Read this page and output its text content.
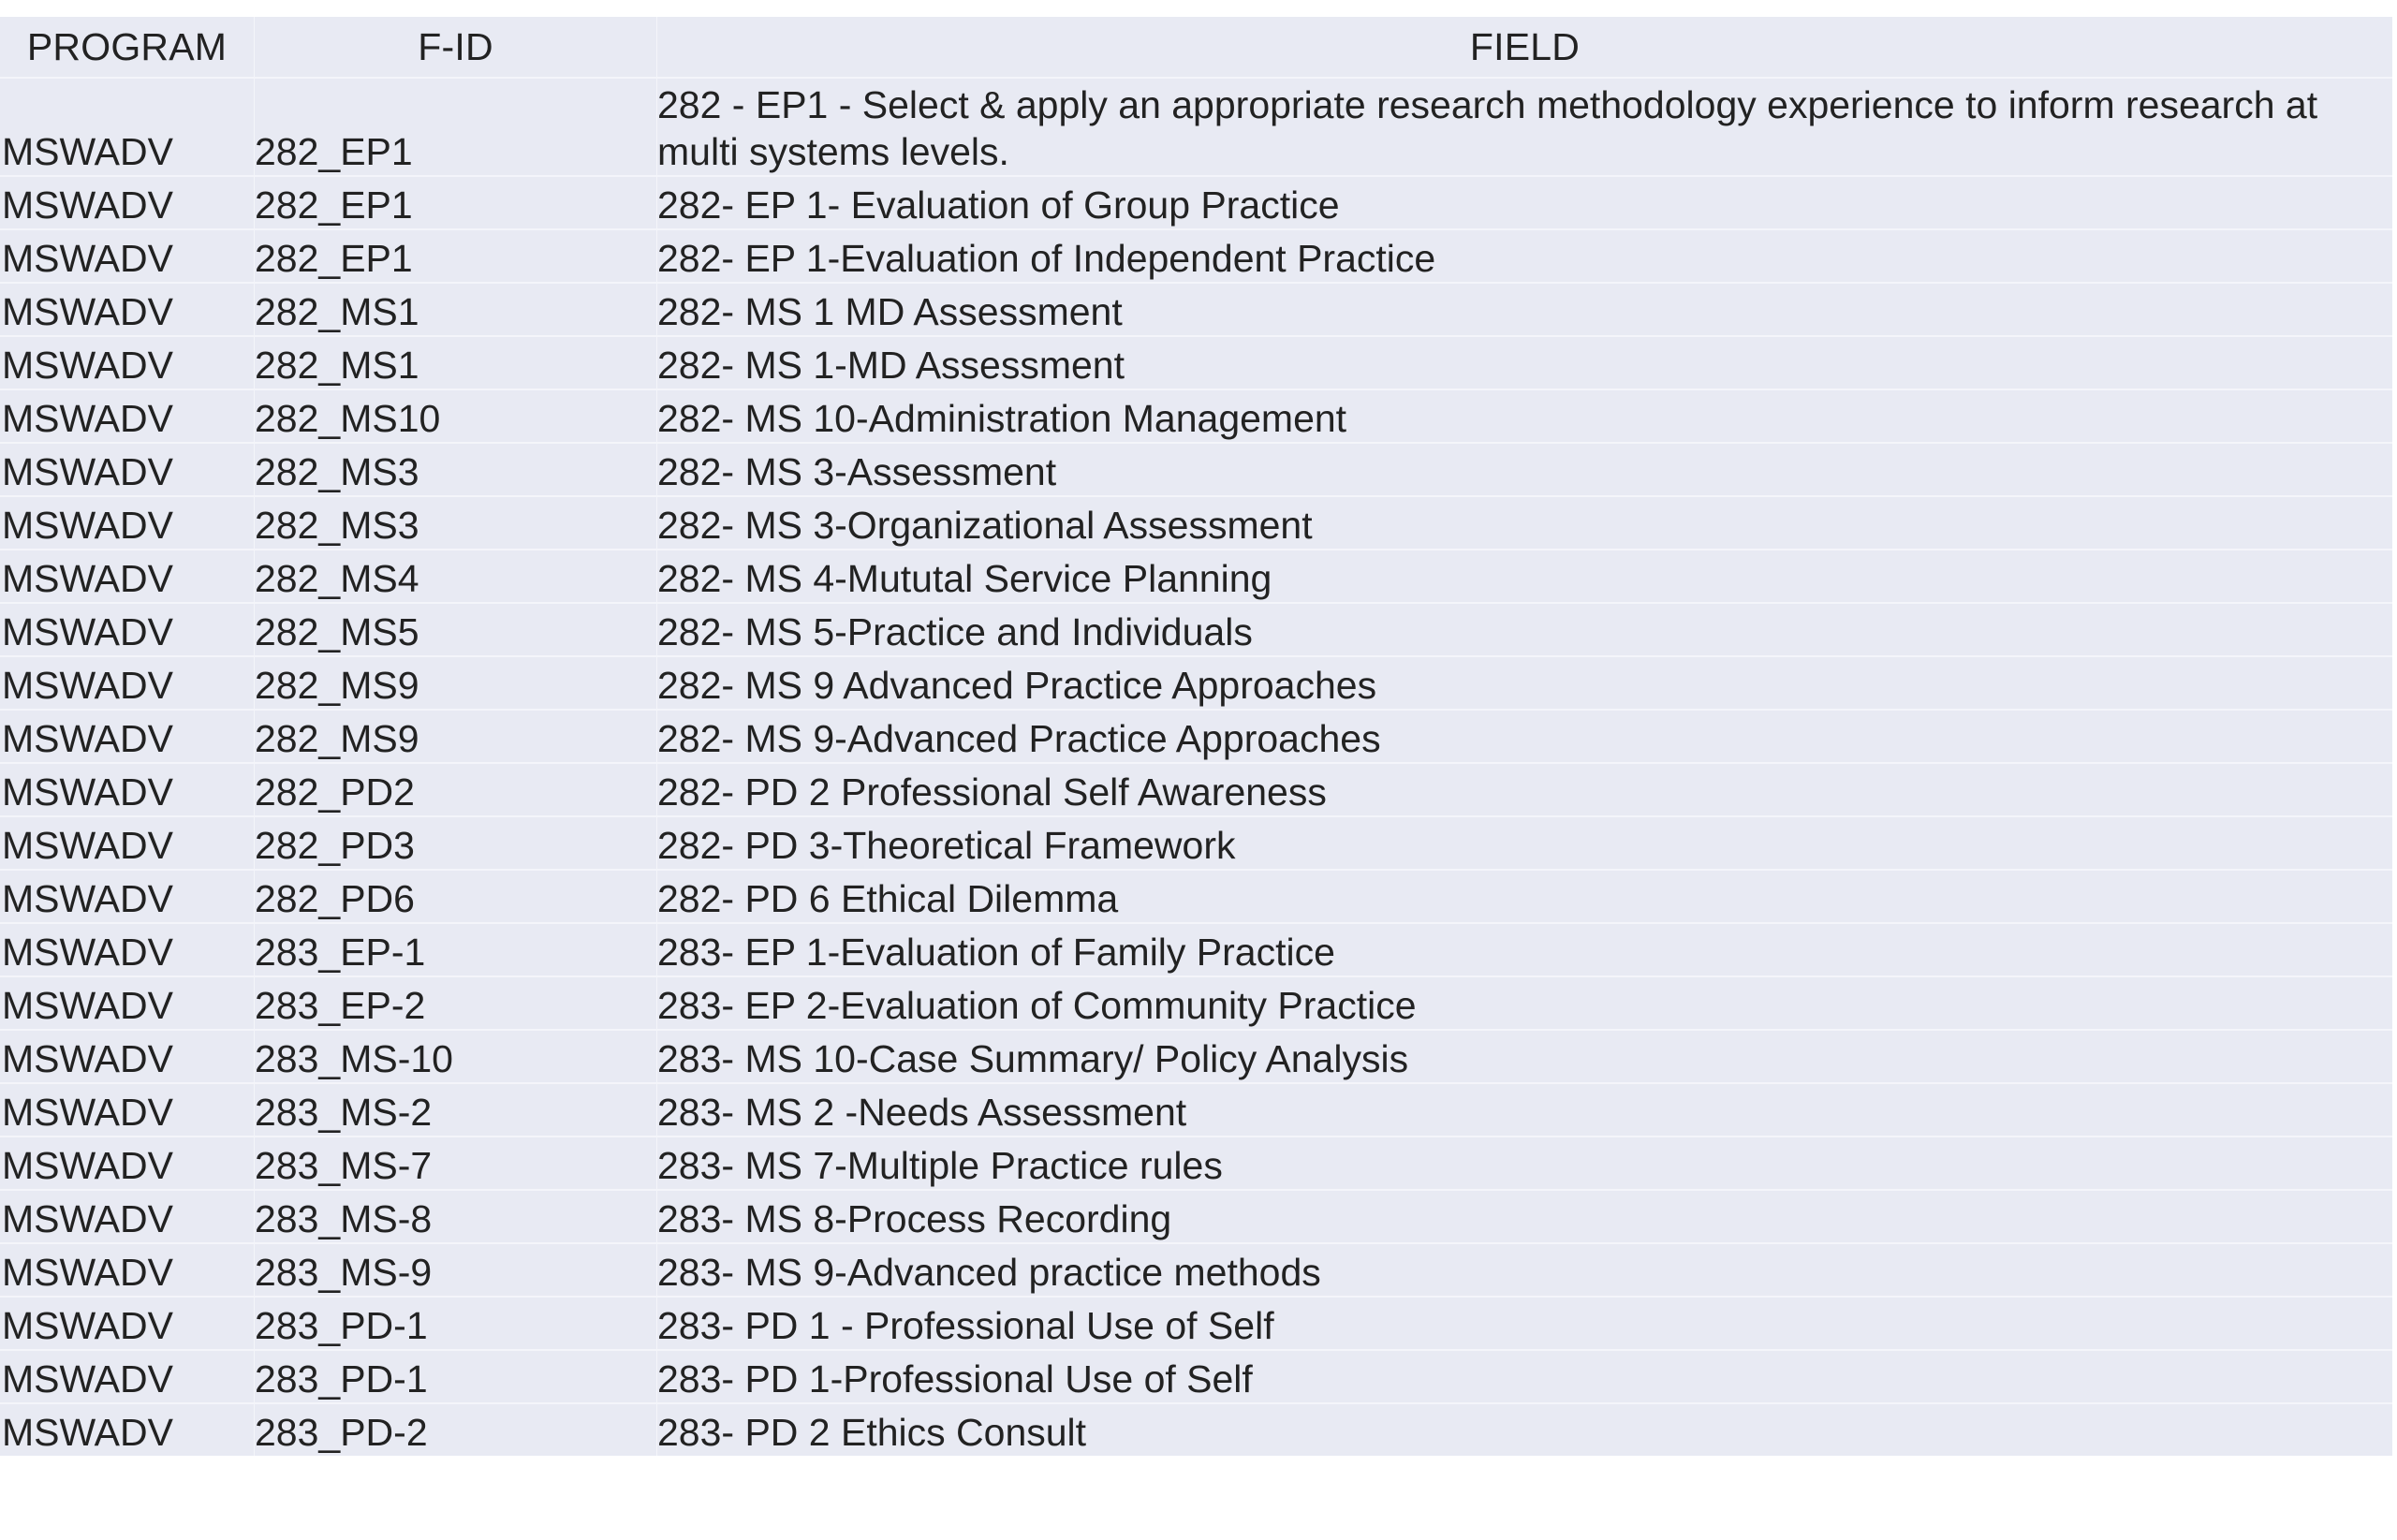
PROGRAM	F-ID	FIELD
MSWADV	282_EP1	282 - EP1 - Select & apply an appropriate research methodology experience to inform research at multi systems levels.
MSWADV	282_EP1	282- EP 1- Evaluation of Group Practice
MSWADV	282_EP1	282- EP 1-Evaluation of Independent Practice
MSWADV	282_MS1	282- MS 1 MD Assessment
MSWADV	282_MS1	282- MS 1-MD Assessment
MSWADV	282_MS10	282- MS 10-Administration Management
MSWADV	282_MS3	282- MS 3-Assessment
MSWADV	282_MS3	282- MS 3-Organizational Assessment
MSWADV	282_MS4	282- MS 4-Mututal Service Planning
MSWADV	282_MS5	282- MS 5-Practice and Individuals
MSWADV	282_MS9	282- MS 9 Advanced Practice Approaches
MSWADV	282_MS9	282- MS 9-Advanced Practice Approaches
MSWADV	282_PD2	282- PD 2 Professional Self Awareness
MSWADV	282_PD3	282- PD 3-Theoretical Framework
MSWADV	282_PD6	282- PD 6 Ethical Dilemma
MSWADV	283_EP-1	283- EP 1-Evaluation of Family Practice
MSWADV	283_EP-2	283- EP 2-Evaluation of Community Practice
MSWADV	283_MS-10	283- MS 10-Case Summary/ Policy Analysis
MSWADV	283_MS-2	283- MS 2 -Needs Assessment
MSWADV	283_MS-7	283- MS 7-Multiple Practice rules
MSWADV	283_MS-8	283- MS 8-Process Recording
MSWADV	283_MS-9	283- MS 9-Advanced practice methods
MSWADV	283_PD-1	283- PD 1 - Professional Use of Self
MSWADV	283_PD-1	283- PD 1-Professional Use of Self
MSWADV	283_PD-2	283- PD 2 Ethics Consult
